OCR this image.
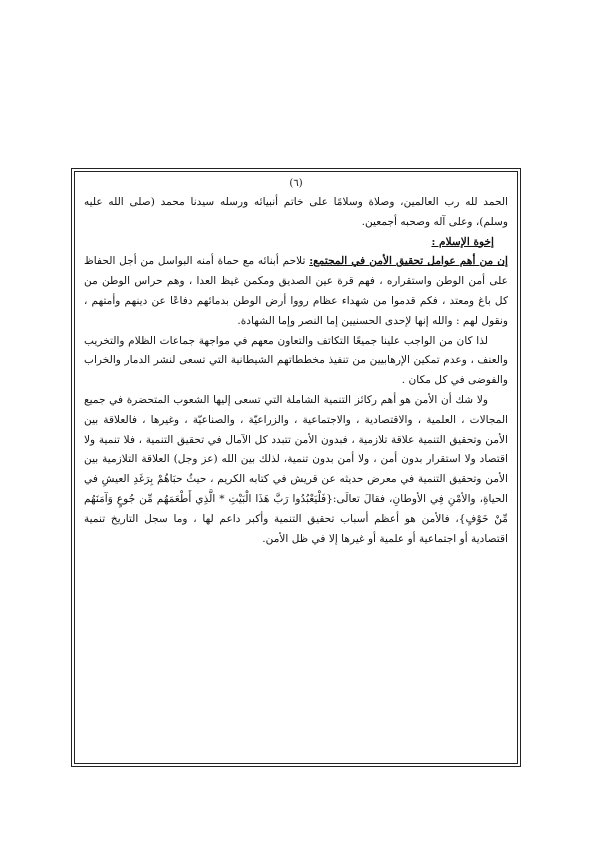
(٦)

الحمد لله رب العالمين، وصلاة وسلامًا على خاتم أنبيائه ورسله سيدنا محمد (صلى الله عليه وسلم)، وعلى آله وصحبه أجمعين.

إخوة الإسلام :

إن من أهم عوامل تحقيق الأمن في المجتمع: تلاحم أبنائه مع حماة أمنه البواسل من أجل الحفاظ على أمن الوطن واستقراره ، فهم قرة عين الصديق ومكمن غيظ العدا ، وهم حراس الوطن من كل باغ ومعتد ، فكم قدموا من شهداء عظام رووا أرض الوطن بدمائهم دفاعًا عن دينهم وأمتهم ، ونقول لهم : والله إنها لإحدى الحسنيين إما النصر وإما الشهادة.

لذا كان من الواجب علينا جميعًا التكاتف والتعاون معهم في مواجهة جماعات الظلام والتخريب والعنف ، وعدم تمكين الإرهابيين من تنفيذ مخططاتهم الشيطانية التي تسعى لنشر الدمار والخراب والفوضى في كل مكان .

ولا شك أن الأمن هو أهم ركائز التنمية الشاملة التي تسعى إليها الشعوب المتحضرة في جميع المجالات ، العلمية ، والاقتصادية ، والاجتماعية ، والزراعيّة ، والصناعيّة ، وغيرها ، فالعلاقة بين الأمن وتحقيق التنمية علاقة تلازمية ، فبدون الأمن تتبدد كل الآمال في تحقيق التنمية ، فلا تنمية ولا اقتصاد ولا استقرار بدون أمن ، ولا أمن بدون تنمية، لذلك بين الله (عز وجل) العلاقة التلازمية بين الأمن وتحقيق التنمية في معرض حديثه عن قريش في كتابه الكريم ، حيثُ حبَاهُمْ بِرَغَدِ العيشِ في الحياةِ، والأمْنِ فِي الأوطانِ، فقالَ تعالَى:{فَلْيَعْبُدُوا رَبَّ هَذَا الْبَيْتِ * الَّذِي أَطْعَمَهُم مِّن جُوعٍ وَآمَنَهُم مِّنْ خَوْفٍ}، فالأمن هو أعظم أسباب تحقيق التنمية وأكبر داعم لها ، وما سجل التاريخ تنمية اقتصادية أو اجتماعية أو علمية أو غيرها إلا في ظل الأمن.
